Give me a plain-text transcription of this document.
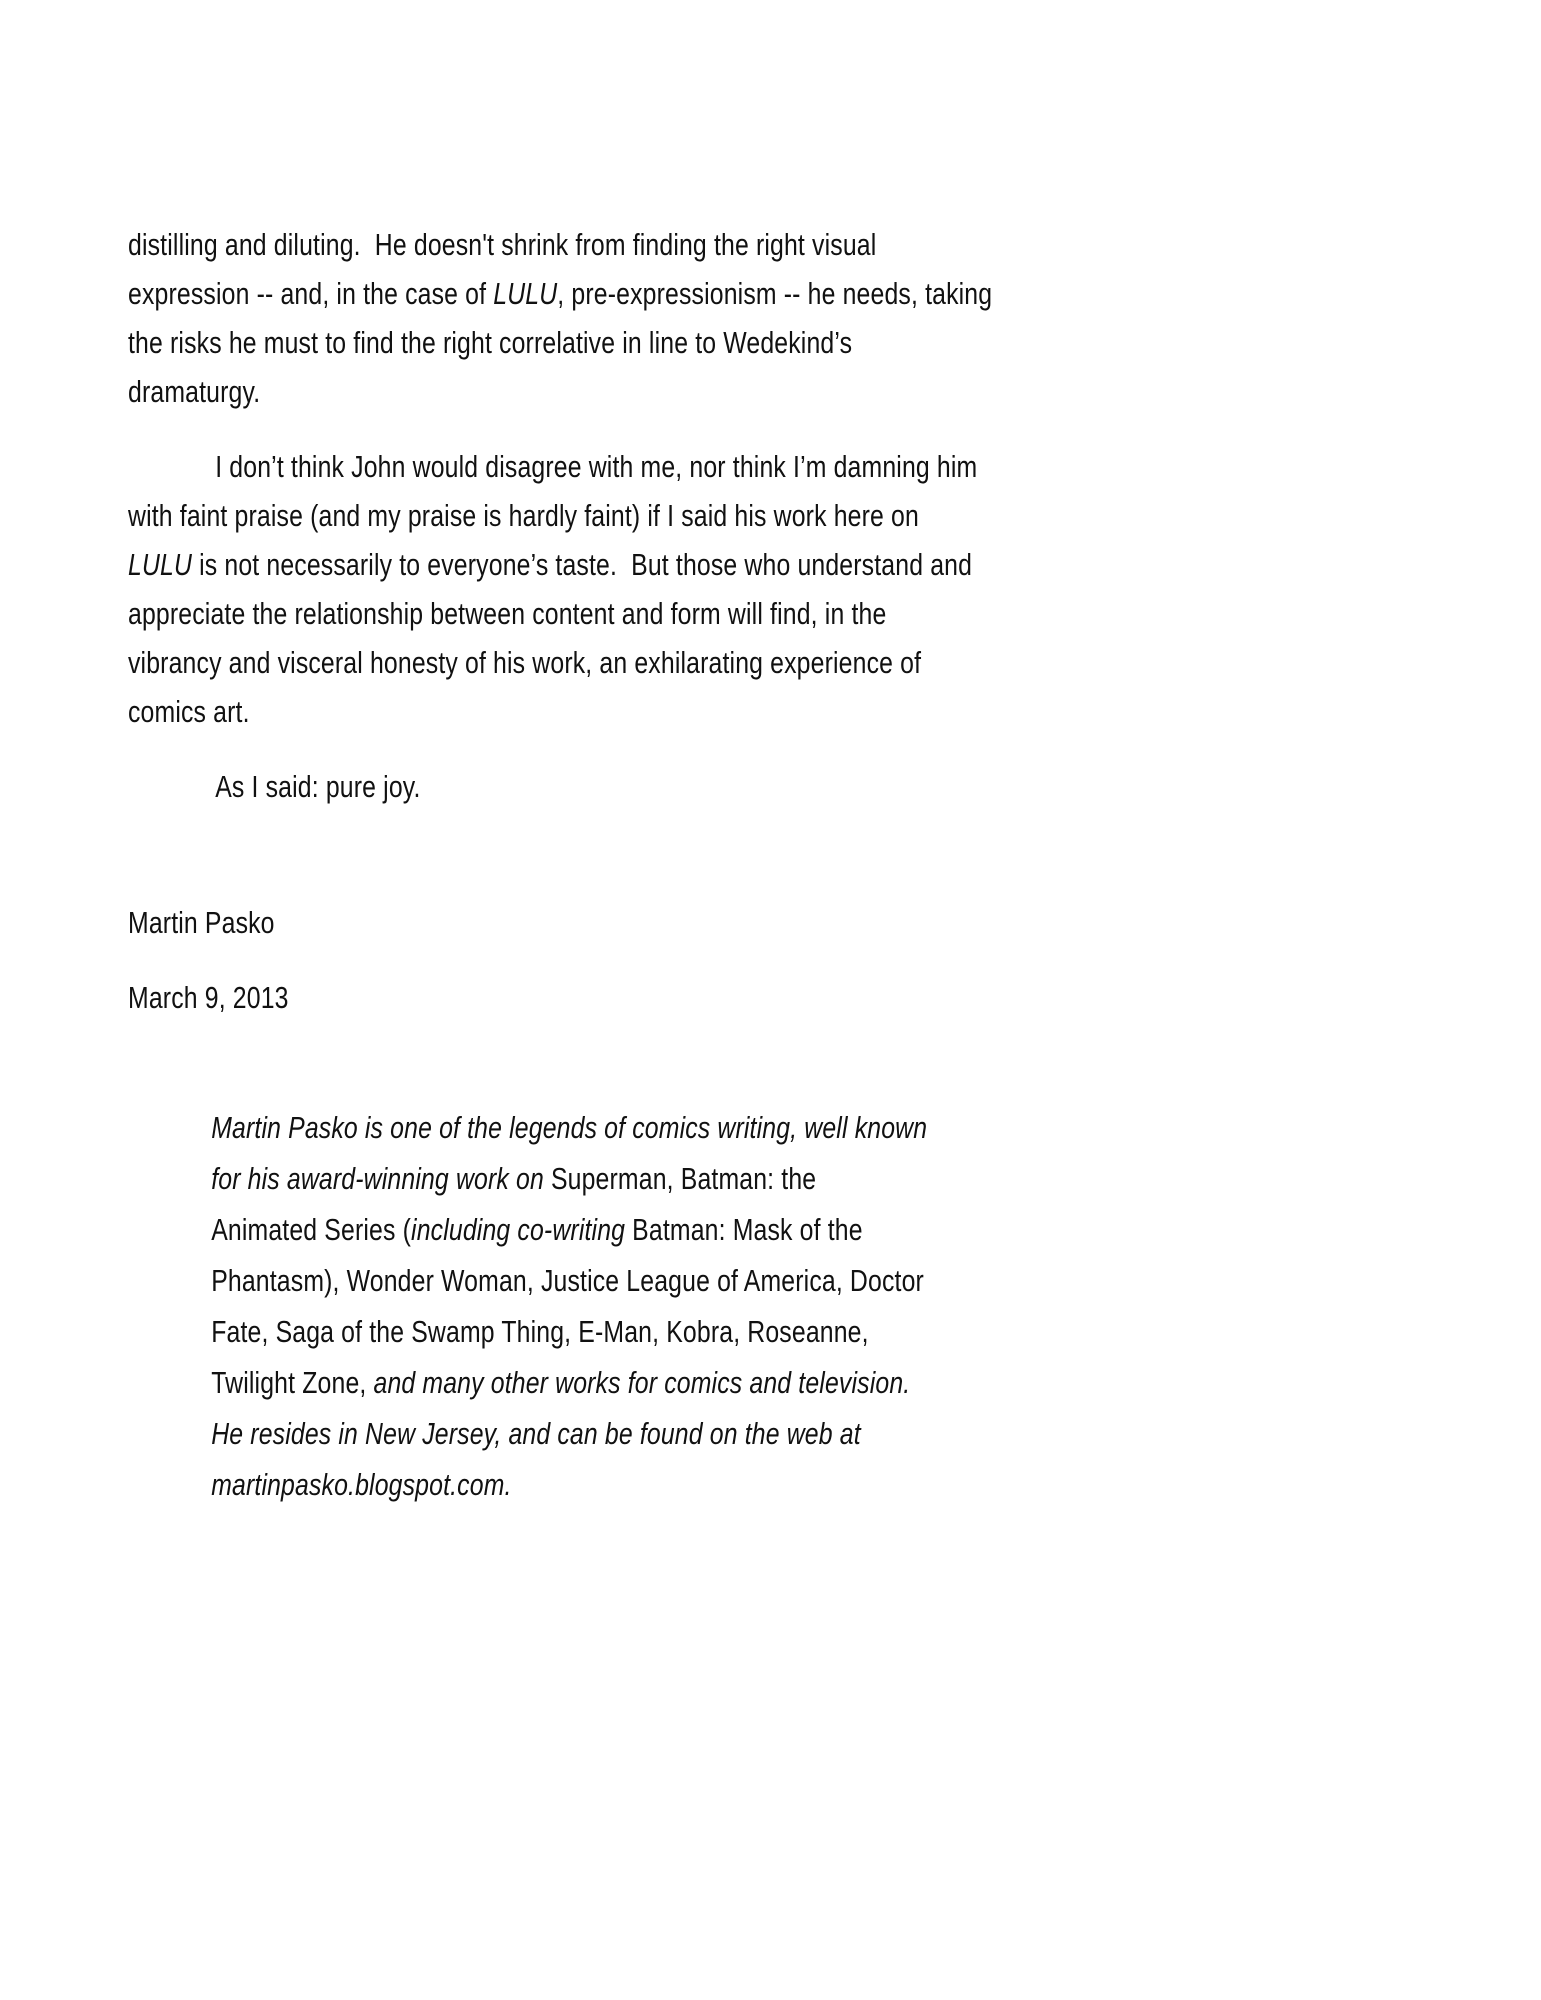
distilling and diluting.  He doesn't shrink from finding the right visual
expression -- and, in the case of LULU, pre-expressionism -- he needs, taking
the risks he must to find the right correlative in line to Wedekind’s
dramaturgy.
I don’t think John would disagree with me, nor think I’m damning him
with faint praise (and my praise is hardly faint) if I said his work here on
LULU is not necessarily to everyone’s taste.  But those who understand and
appreciate the relationship between content and form will find, in the
vibrancy and visceral honesty of his work, an exhilarating experience of
comics art.
As I said: pure joy.
Martin Pasko
March 9, 2013
Martin Pasko is one of the legends of comics writing, well known
for his award-winning work on Superman, Batman: the
Animated Series (including co-writing Batman: Mask of the
Phantasm), Wonder Woman, Justice League of America, Doctor
Fate, Saga of the Swamp Thing, E-Man, Kobra, Roseanne,
Twilight Zone, and many other works for comics and television.
He resides in New Jersey, and can be found on the web at
martinpasko.blogspot.com.
